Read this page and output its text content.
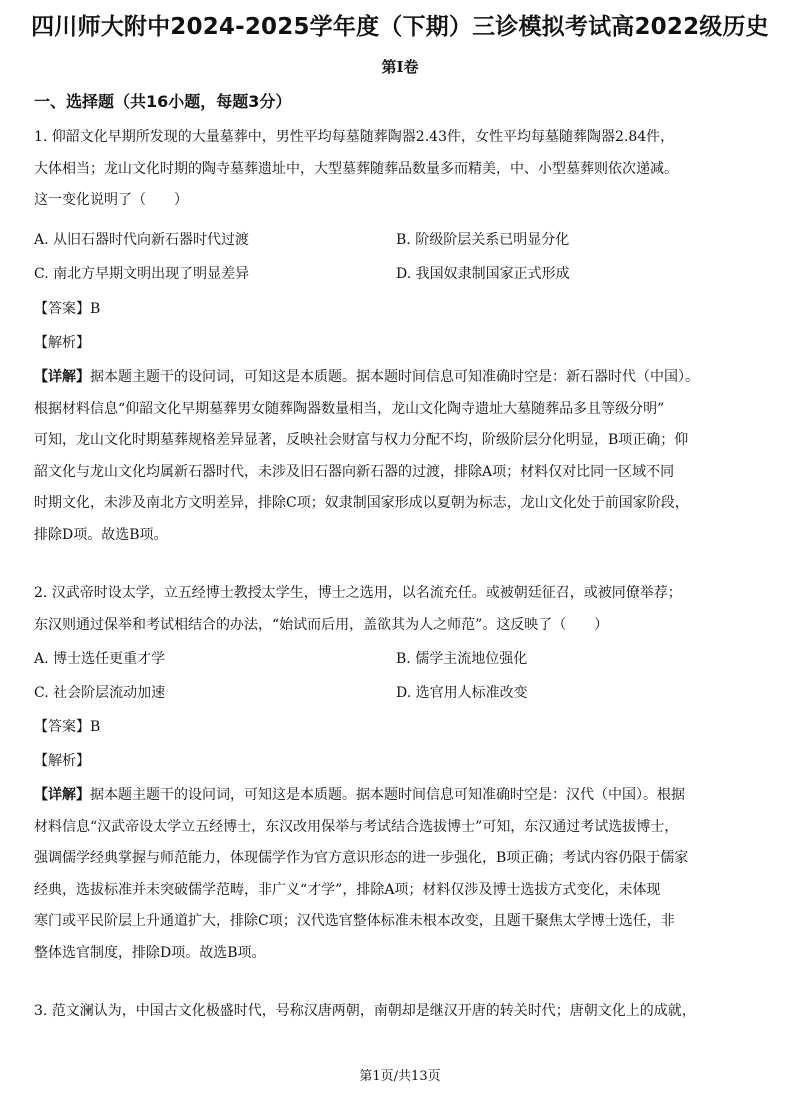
四川师大附中2024-2025学年度（下期）三诊模拟考试高2022级历史
第Ⅰ卷
一、选择题（共16小题，每题3分）
1. 仰韶文化早期所发现的大量墓葬中，男性平均每墓随葬陶器2.43件，女性平均每墓随葬陶器2.84件，
大体相当；龙山文化时期的陶寺墓葬遗址中，大型墓葬随葬品数量多而精美，中、小型墓葬则依次递减。
这一变化说明了（　　）
A. 从旧石器时代向新石器时代过渡	B. 阶级阶层关系已明显分化
C. 南北方早期文明出现了明显差异	D. 我国奴隶制国家正式形成
【答案】B
【解析】
【详解】据本题主题干的设问词，可知这是本质题。据本题时间信息可知准确时空是：新石器时代（中国）。
根据材料信息“仰韶文化早期墓葬男女随葬陶器数量相当，龙山文化陶寺遗址大墓随葬品多且等级分明”
可知，龙山文化时期墓葬规格差异显著，反映社会财富与权力分配不均，阶级阶层分化明显，B项正确；仰
韶文化与龙山文化均属新石器时代，未涉及旧石器向新石器的过渡，排除A项；材料仅对比同一区域不同
时期文化，未涉及南北方文明差异，排除C项；奴隶制国家形成以夏朝为标志，龙山文化处于前国家阶段，
排除D项。故选B项。
2. 汉武帝时设太学，立五经博士教授太学生，博士之选用，以名流充任。或被朝廷征召，或被同僚举荐；
东汉则通过保举和考试相结合的办法，“始试而后用，盖欲其为人之师范”。这反映了（　　）
A. 博士选任更重才学	B. 儒学主流地位强化
C. 社会阶层流动加速	D. 选官用人标准改变
【答案】B
【解析】
【详解】据本题主题干的设问词，可知这是本质题。据本题时间信息可知准确时空是：汉代（中国）。根据
材料信息“汉武帝设太学立五经博士，东汉改用保举与考试结合选拔博士”可知，东汉通过考试选拔博士，
强调儒学经典掌握与师范能力，体现儒学作为官方意识形态的进一步强化，B项正确；考试内容仍限于儒家
经典，选拔标准并未突破儒学范畴，非广义“才学”，排除A项；材料仅涉及博士选拔方式变化，未体现
寒门或平民阶层上升通道扩大，排除C项；汉代选官整体标准未根本改变，且题干聚焦太学博士选任，非
整体选官制度，排除D项。故选B项。
3. 范文澜认为，中国古文化极盛时代，号称汉唐两朝，南朝却是继汉开唐的转关时代；唐朝文化上的成就，
第1页/共13页
